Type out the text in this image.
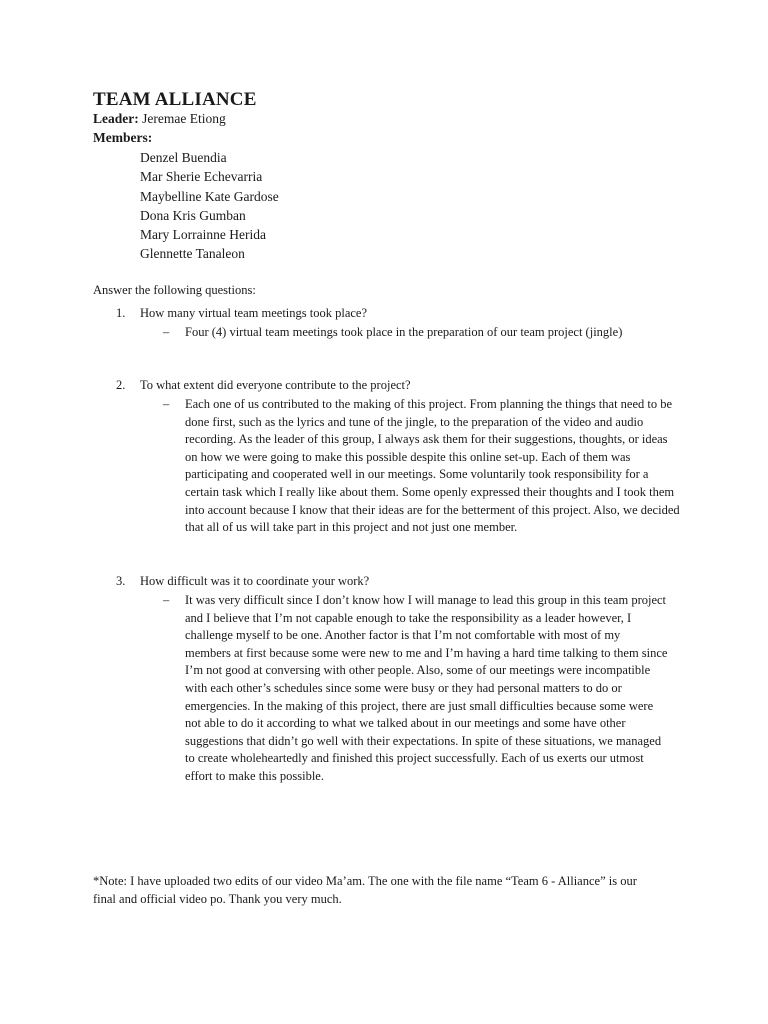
TEAM ALLIANCE
Leader: Jeremae Etiong
Members:
Denzel Buendia
Mar Sherie Echevarria
Maybelline Kate Gardose
Dona Kris Gumban
Mary Lorrainne Herida
Glennette Tanaleon
Answer the following questions:
1. How many virtual team meetings took place?
– Four (4) virtual team meetings took place in the preparation of our team project (jingle)
2. To what extent did everyone contribute to the project?
– Each one of us contributed to the making of this project. From planning the things that need to be done first, such as the lyrics and tune of the jingle, to the preparation of the video and audio recording. As the leader of this group, I always ask them for their suggestions, thoughts, or ideas on how we were going to make this possible despite this online set-up. Each of them was participating and cooperated well in our meetings. Some voluntarily took responsibility for a certain task which I really like about them. Some openly expressed their thoughts and I took them into account because I know that their ideas are for the betterment of this project. Also, we decided that all of us will take part in this project and not just one member.
3. How difficult was it to coordinate your work?
– It was very difficult since I don’t know how I will manage to lead this group in this team project and I believe that I’m not capable enough to take the responsibility as a leader however, I challenge myself to be one. Another factor is that I’m not comfortable with most of my members at first because some were new to me and I’m having a hard time talking to them since I’m not good at conversing with other people. Also, some of our meetings were incompatible with each other’s schedules since some were busy or they had personal matters to do or emergencies. In the making of this project, there are just small difficulties because some were not able to do it according to what we talked about in our meetings and some have other suggestions that didn’t go well with their expectations. In spite of these situations, we managed to create wholeheartedly and finished this project successfully. Each of us exerts our utmost effort to make this possible.
*Note: I have uploaded two edits of our video Ma’am. The one with the file name “Team 6 - Alliance” is our final and official video po. Thank you very much.
